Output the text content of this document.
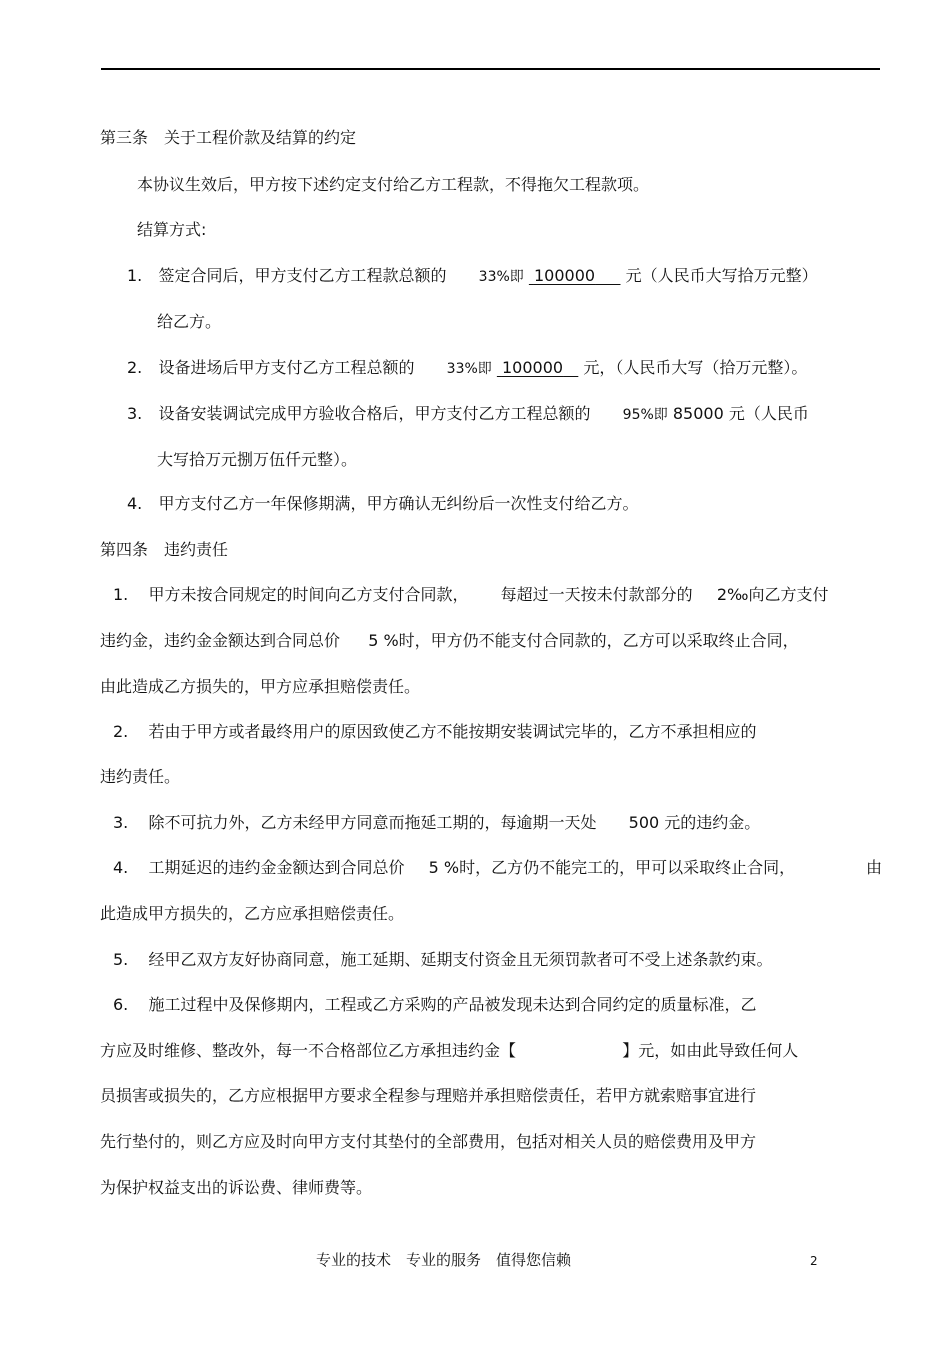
第三条　关于工程价款及结算的约定
本协议生效后，甲方按下述约定支付给乙方工程款，不得拖欠工程款项。
结算方式:
1. 签定合同后，甲方支付乙方工程款总额的 33%即 100000 元（人民币大写拾万元整）
给乙方。
2. 设备进场后甲方支付乙方工程总额的 33%即 100000 元，（人民币大写（拾万元整）。
3. 设备安装调试完成甲方验收合格后，甲方支付乙方工程总额的 95%即 85000 元（人民币
大写拾万元捌万伍仟元整）。
4. 甲方支付乙方一年保修期满，甲方确认无纠纷后一次性支付给乙方。
第四条　违约责任
1. 甲方未按合同规定的时间向乙方支付合同款， 每超过一天按未付款部分的 2‰向乙方支付
违约金，违约金金额达到合同总价 5 %时，甲方仍不能支付合同款的，乙方可以采取终止合同，
由此造成乙方损失的，甲方应承担赔偿责任。
2. 若由于甲方或者最终用户的原因致使乙方不能按期安装调试完毕的，乙方不承担相应的
违约责任。
3. 除不可抗力外，乙方未经甲方同意而拖延工期的，每逾期一天处 500 元的违约金。
4. 工期延迟的违约金金额达到合同总价 5 %时，乙方仍不能完工的，甲可以采取终止合同，	由
此造成甲方损失的，乙方应承担赔偿责任。
5. 经甲乙双方友好协商同意，施工延期、延期支付资金且无须罚款者可不受上述条款约束。
6. 施工过程中及保修期内，工程或乙方采购的产品被发现未达到合同约定的质量标准，乙
方应及时维修、整改外，每一不合格部位乙方承担违约金【	】元，如由此导致任何人
员损害或损失的，乙方应根据甲方要求全程参与理赔并承担赔偿责任，若甲方就索赔事宜进行
先行垫付的，则乙方应及时向甲方支付其垫付的全部费用，包括对相关人员的赔偿费用及甲方
为保护权益支出的诉讼费、律师费等。
专业的技术　专业的服务　值得您信赖	2
